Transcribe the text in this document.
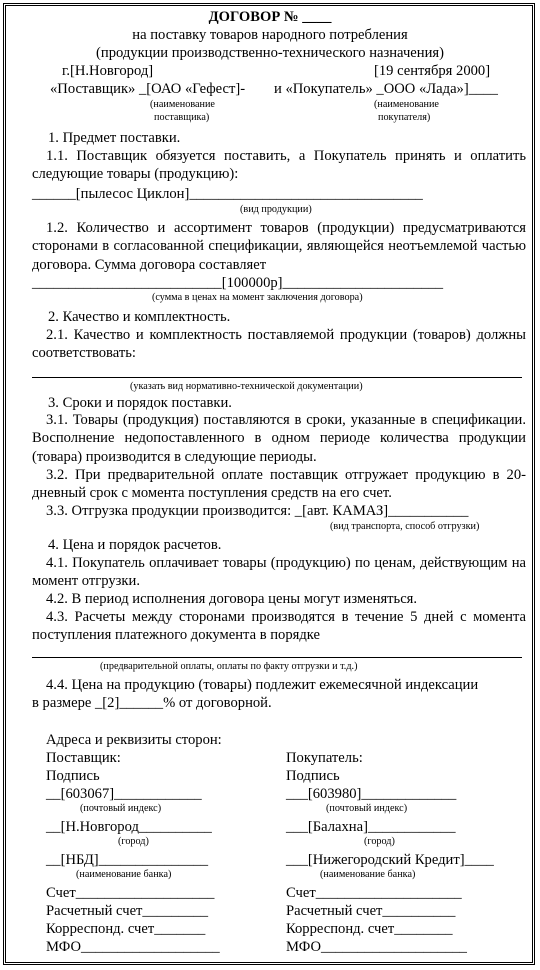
ДОГОВОР № ____
на поставку товаров народного потребления
(продукции производственно-технического назначения)
г.[Н.Новгород]	[19 сентября 2000]
«Поставщик» _[ОАО «Гефест]- и «Покупатель» _ООО «Лада»]____
(наименование
поставщика)
(наименование
покупателя)
1. Предмет поставки.
1.1. Поставщик обязуется поставить, а Покупатель принять и оплатить следующие товары (продукцию):
______[пылесос Циклон]________________________________
(вид продукции)
1.2. Количество и ассортимент товаров (продукции) предусматриваются сторонами в согласованной спецификации, являющейся неотъемлемой частью договора. Сумма договора составляет
__________________________[100000р]______________________
(сумма в ценах на момент заключения договора)
2. Качество и комплектность.
2.1. Качество и комплектность поставляемой продукции (товаров) должны соответствовать:
(указать вид нормативно-технической документации)
3. Сроки и порядок поставки.
3.1. Товары (продукция) поставляются в сроки, указанные в спецификации. Восполнение недопоставленного в одном периоде количества продукции (товара) производится в следующие периоды.
3.2. При предварительной оплате поставщик отгружает продукцию в 20-дневный срок с момента поступления средств на его счет.
3.3. Отгрузка продукции производится: _[авт. КАМАЗ]___________
(вид транспорта, способ отгрузки)
4. Цена и порядок расчетов.
4.1. Покупатель оплачивает товары (продукцию) по ценам, действующим на момент отгрузки.
4.2. В период исполнения договора цены могут изменяться.
4.3. Расчеты между сторонами производятся в течение 5 дней с момента поступления платежного документа в порядке
(предварительной оплаты, оплаты по факту отгрузки и т.д.)
4.4. Цена на продукцию (товары) подлежит ежемесячной индексации
в размере _[2]______% от договорной.
Адреса и реквизиты сторон:
Поставщик:
Подпись
__[603067]____________
(почтовый индекс)
__[Н.Новгород__________
(город)
__[НБД]_______________
(наименование банка)
Счет___________________
Расчетный счет_________
Корреспонд. счет_______
МФО___________________
Покупатель:
Подпись
___[603980]_____________
(почтовый индекс)
___[Балахна]____________
(город)
___[Нижегородский Кредит]____
(наименование банка)
Счет____________________
Расчетный счет__________
Корреспонд. счет________
МФО____________________
